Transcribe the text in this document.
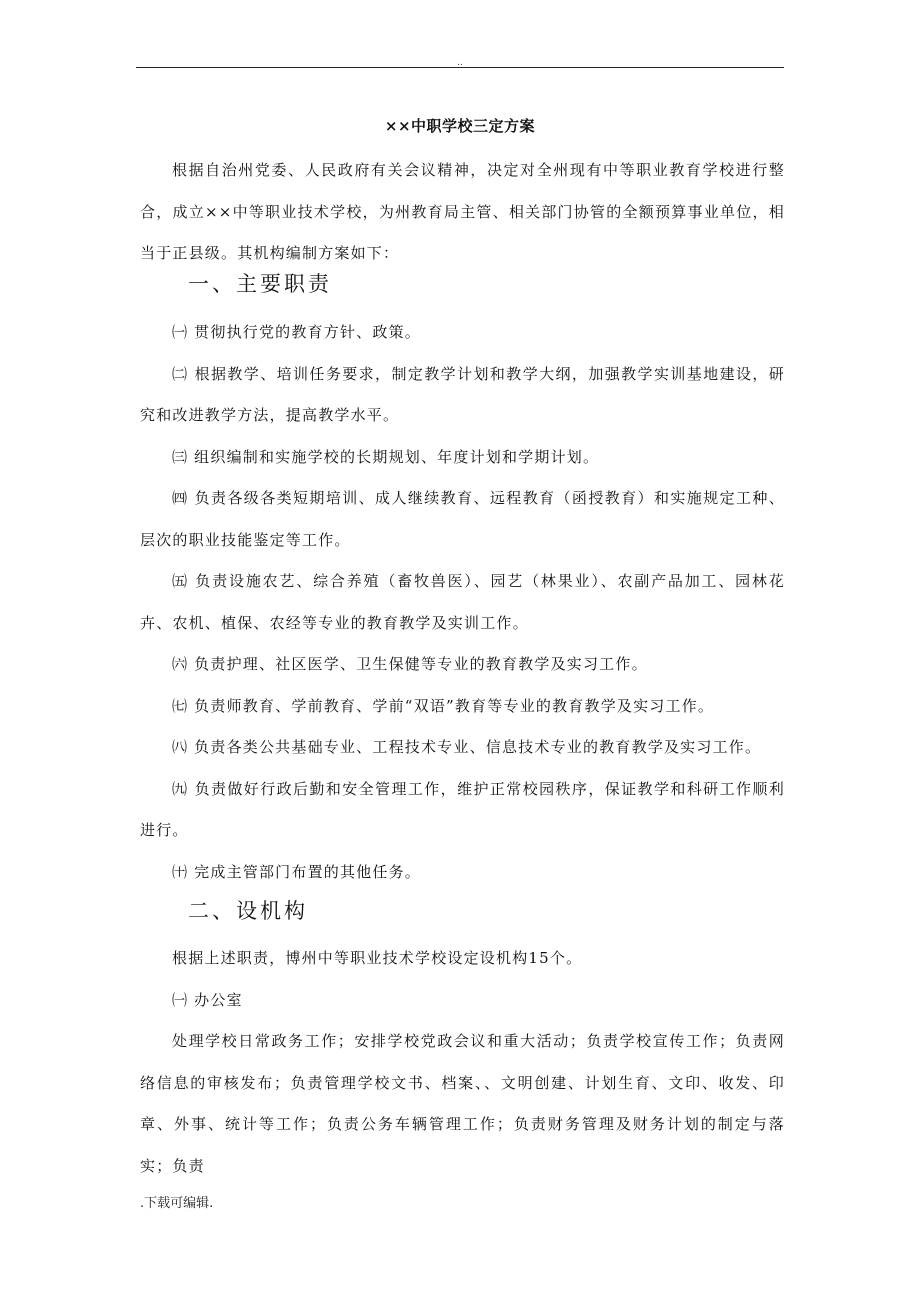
..
××中职学校三定方案

根据自治州党委、人民政府有关会议精神，决定对全州现有中等职业教育学校进行整合，成立××中等职业技术学校，为州教育局主管、相关部门协管的全额预算事业单位，相当于正县级。其机构编制方案如下：

一、主要职责

㈠ 贯彻执行党的教育方针、政策。

㈡ 根据教学、培训任务要求，制定教学计划和教学大纲，加强教学实训基地建设，研究和改进教学方法，提高教学水平。

㈢ 组织编制和实施学校的长期规划、年度计划和学期计划。

㈣ 负责各级各类短期培训、成人继续教育、远程教育（函授教育）和实施规定工种、层次的职业技能鉴定等工作。

㈤ 负责设施农艺、综合养殖（畜牧兽医）、园艺（林果业）、农副产品加工、园林花卉、农机、植保、农经等专业的教育教学及实训工作。

㈥ 负责护理、社区医学、卫生保健等专业的教育教学及实习工作。

㈦ 负责师教育、学前教育、学前“双语”教育等专业的教育教学及实习工作。

㈧ 负责各类公共基础专业、工程技术专业、信息技术专业的教育教学及实习工作。

㈨ 负责做好行政后勤和安全管理工作，维护正常校园秩序，保证教学和科研工作顺利进行。

㈩ 完成主管部门布置的其他任务。

二、设机构

根据上述职责，博州中等职业技术学校设定设机构15个。

㈠ 办公室

处理学校日常政务工作；安排学校党政会议和重大活动；负责学校宣传工作；负责网络信息的审核发布；负责管理学校文书、档案、、文明创建、计划生育、文印、收发、印章、外事、统计等工作；负责公务车辆管理工作；负责财务管理及财务计划的制定与落实；负责

.下载可编辑.
